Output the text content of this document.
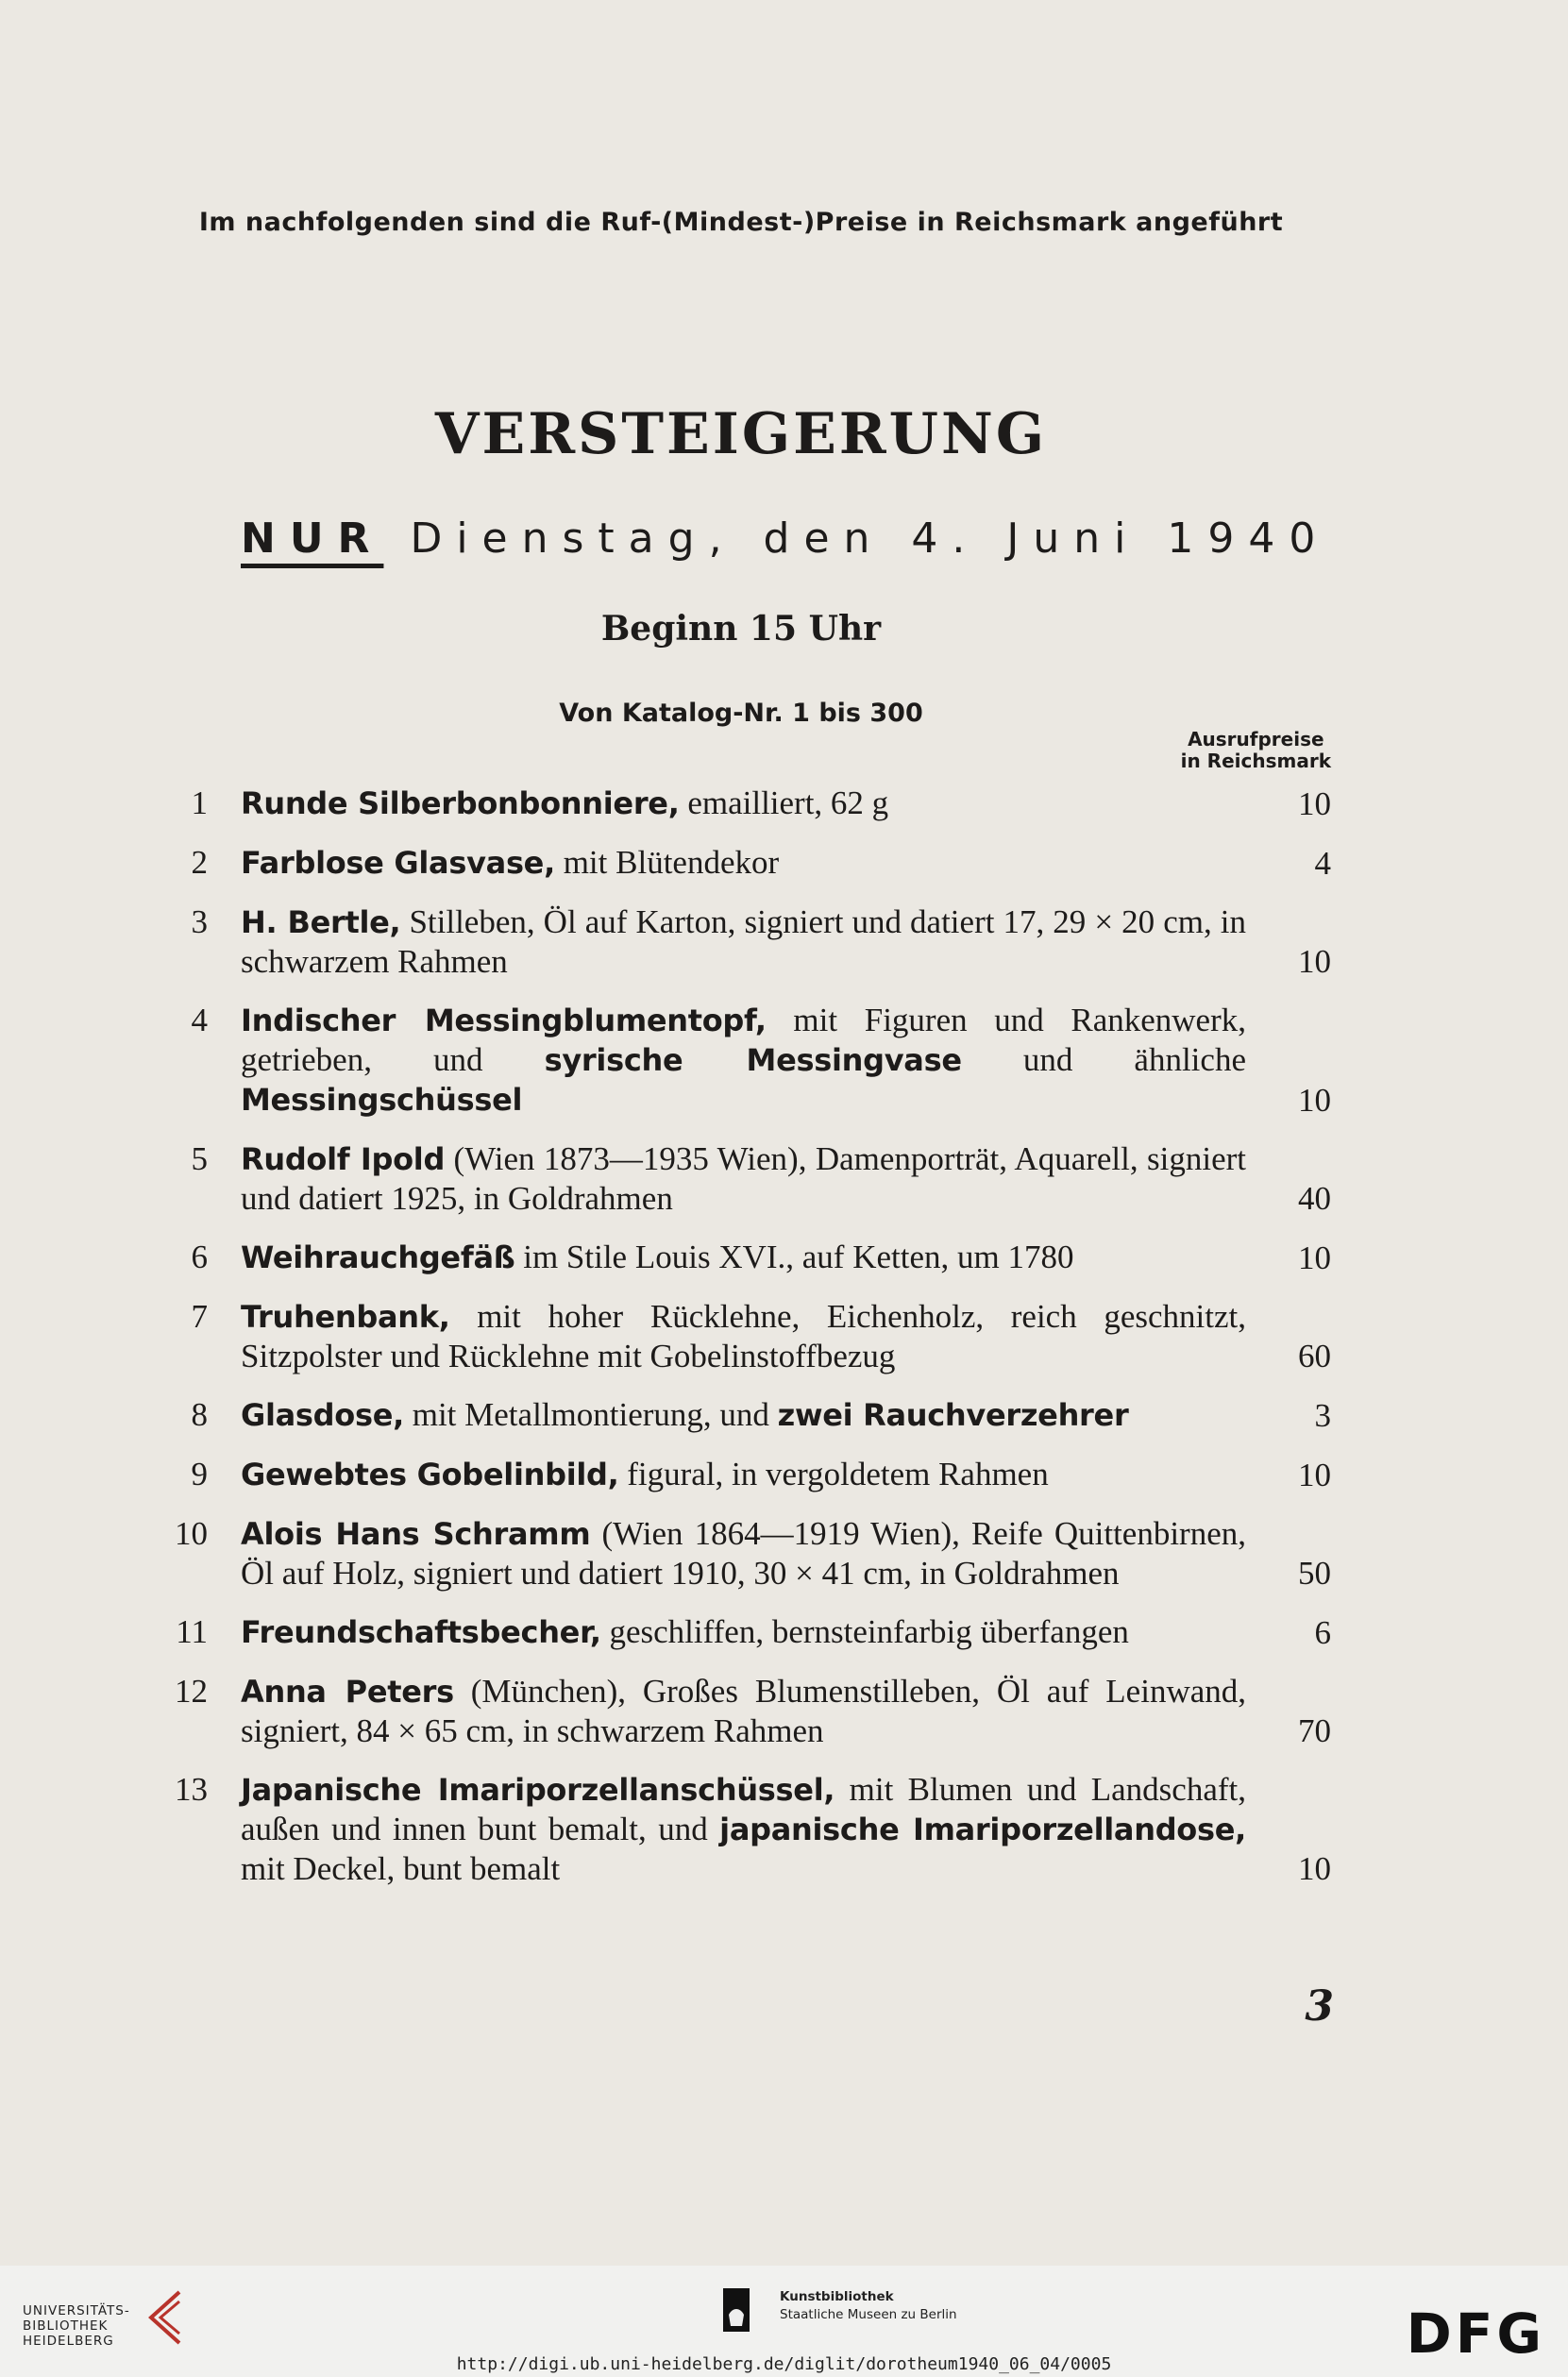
Im nachfolgenden sind die Ruf-(Mindest-)Preise in Reichsmark angeführt
VERSTEIGERUNG
NUR Dienstag, den 4. Juni 1940
Beginn 15 Uhr
Von Katalog-Nr. 1 bis 300
Ausrufpreise
in Reichsmark
1 Runde Silberbonbonniere, emailliert, 62 g	10
2 Farblose Glasvase, mit Blütendekor	4
3 H. Bertle, Stilleben, Öl auf Karton, signiert und datiert 17, 29 × 20 cm, in schwarzem Rahmen	10
4 Indischer Messingblumentopf, mit Figuren und Rankenwerk, getrieben, und syrische Messingvase und ähnliche Messingschüssel	10
5 Rudolf Ipold (Wien 1873—1935 Wien), Damenporträt, Aquarell, signiert und datiert 1925, in Goldrahmen	40
6 Weihrauchgefäß im Stile Louis XVI., auf Ketten, um 1780	10
7 Truhenbank, mit hoher Rücklehne, Eichenholz, reich geschnitzt, Sitzpolster und Rücklehne mit Gobelinstoffbezug	60
8 Glasdose, mit Metallmontierung, und zwei Rauchverzehrer	3
9 Gewebtes Gobelinbild, figural, in vergoldetem Rahmen	10
10 Alois Hans Schramm (Wien 1864—1919 Wien), Reife Quittenbirnen, Öl auf Holz, signiert und datiert 1910, 30 × 41 cm, in Goldrahmen	50
11 Freundschaftsbecher, geschliffen, bernsteinfarbig überfangen	6
12 Anna Peters (München), Großes Blumenstilleben, Öl auf Leinwand, signiert, 84 × 65 cm, in schwarzem Rahmen	70
13 Japanische Imariporzellanschüssel, mit Blumen und Landschaft, außen und innen bunt bemalt, und japanische Imariporzellandose, mit Deckel, bunt bemalt	10
3
UNIVERSITÄTS-
BIBLIOTHEK
HEIDELBERG
Kunstbibliothek
Staatliche Museen zu Berlin	DFG
http://digi.ub.uni-heidelberg.de/diglit/dorotheum1940_06_04/0005
